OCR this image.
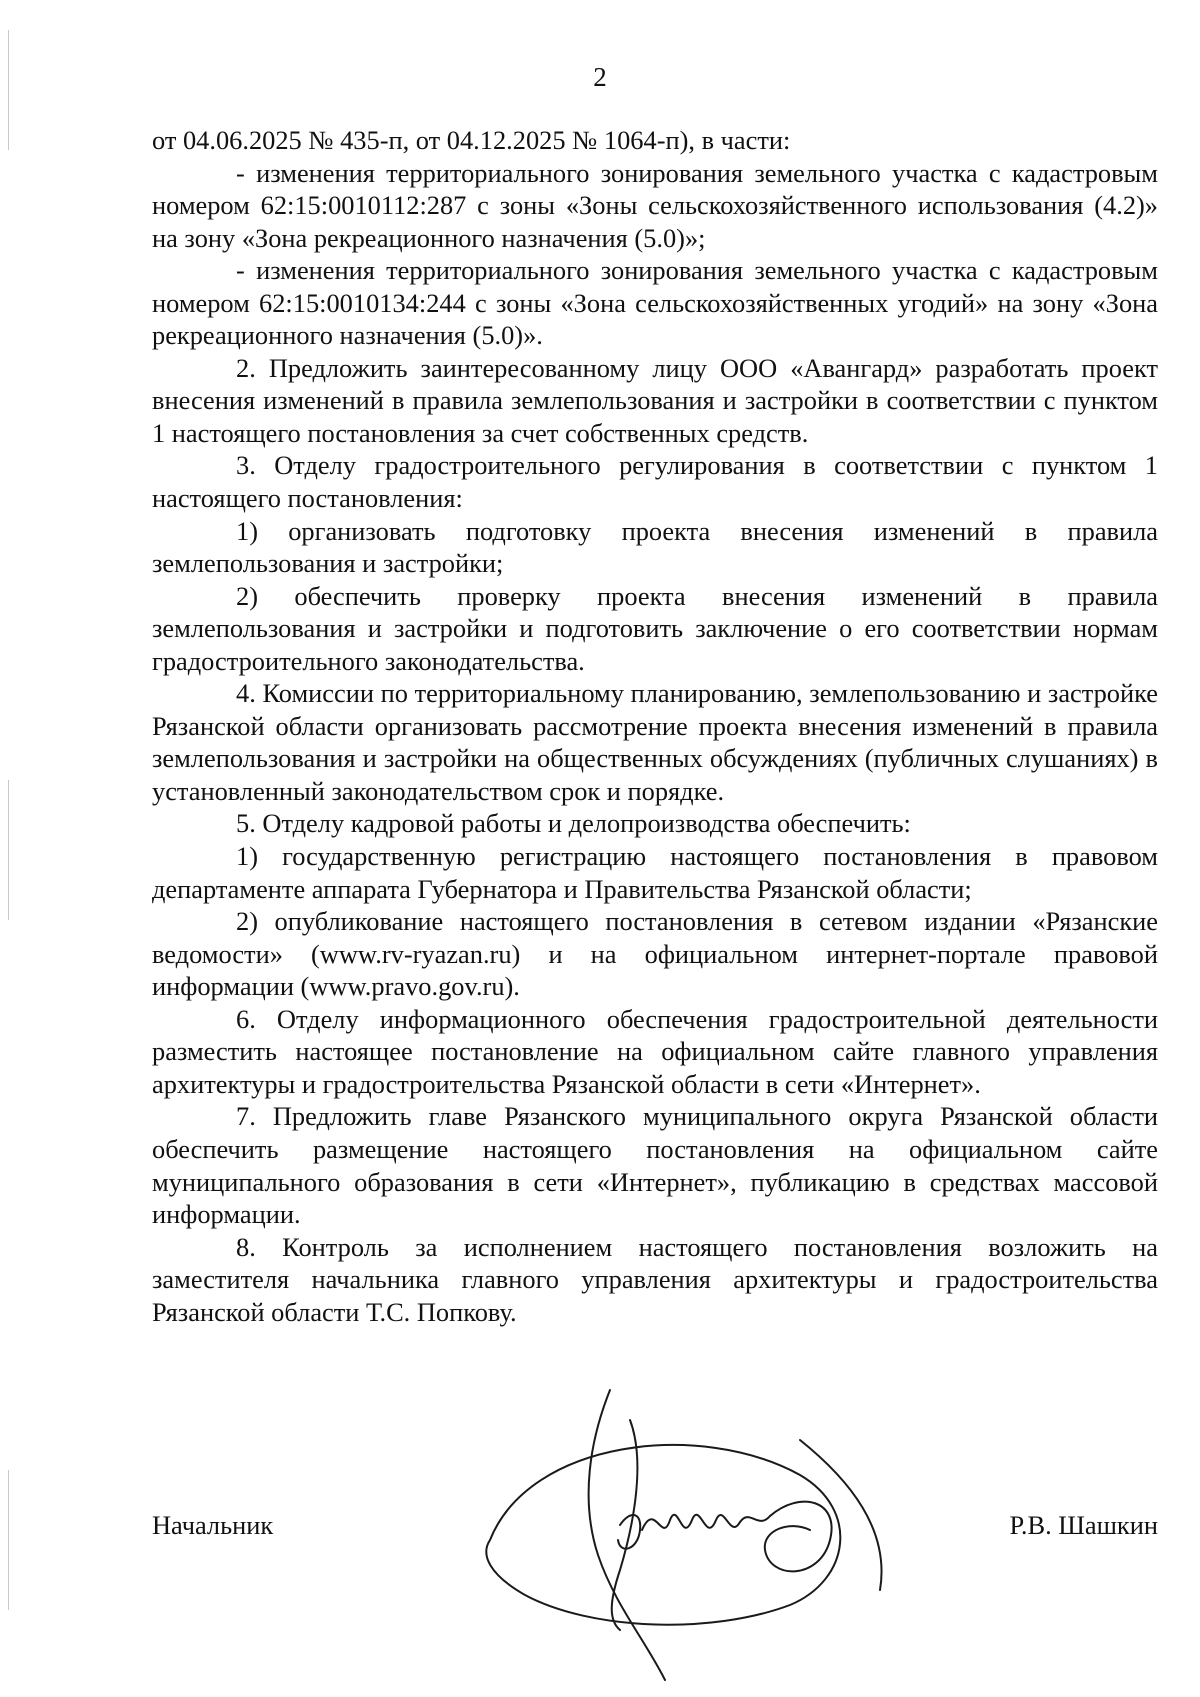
2

от 04.06.2025 № 435-п, от 04.12.2025 № 1064-п), в части:

- изменения территориального зонирования земельного участка с кадастровым номером 62:15:0010112:287 с зоны «Зоны сельскохозяйственного использования (4.2)» на зону «Зона рекреационного назначения (5.0)»;

- изменения территориального зонирования земельного участка с кадастровым номером 62:15:0010134:244 с зоны «Зона сельскохозяйственных угодий» на зону «Зона рекреационного назначения (5.0)».

2. Предложить заинтересованному лицу ООО «Авангард» разработать проект внесения изменений в правила землепользования и застройки в соответствии с пунктом 1 настоящего постановления за счет собственных средств.

3. Отделу градостроительного регулирования в соответствии с пунктом 1 настоящего постановления:

1) организовать подготовку проекта внесения изменений в правила землепользования и застройки;

2) обеспечить проверку проекта внесения изменений в правила землепользования и застройки и подготовить заключение о его соответствии нормам градостроительного законодательства.

4. Комиссии по территориальному планированию, землепользованию и застройке Рязанской области организовать рассмотрение проекта внесения изменений в правила землепользования и застройки на общественных обсуждениях (публичных слушаниях) в установленный законодательством срок и порядке.

5. Отделу кадровой работы и делопроизводства обеспечить:

1) государственную регистрацию настоящего постановления в правовом департаменте аппарата Губернатора и Правительства Рязанской области;

2) опубликование настоящего постановления в сетевом издании «Рязанские ведомости» (www.rv-ryazan.ru) и на официальном интернет-портале правовой информации (www.pravo.gov.ru).

6. Отделу информационного обеспечения градостроительной деятельности разместить настоящее постановление на официальном сайте главного управления архитектуры и градостроительства Рязанской области в сети «Интернет».

7. Предложить главе Рязанского муниципального округа Рязанской области обеспечить размещение настоящего постановления на официальном сайте муниципального образования в сети «Интернет», публикацию в средствах массовой информации.

8. Контроль за исполнением настоящего постановления возложить на заместителя начальника главного управления архитектуры и градостроительства Рязанской области Т.С. Попкову.

Начальник	Р.В. Шашкин
